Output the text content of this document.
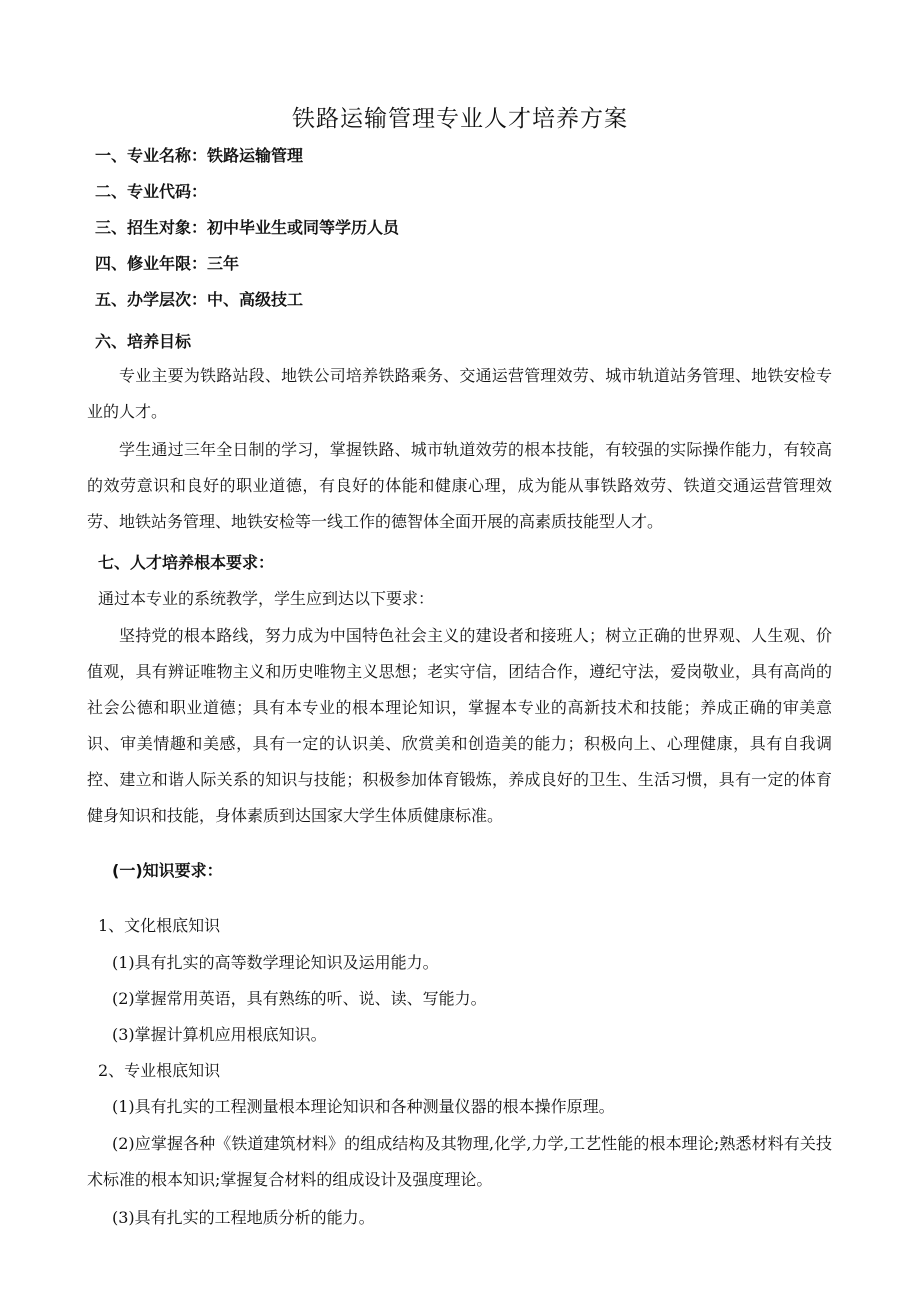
铁路运输管理专业人才培养方案

一、专业名称：铁路运输管理

二、专业代码：

三、招生对象：初中毕业生或同等学历人员

四、修业年限：三年

五、办学层次：中、高级技工

六、培养目标

专业主要为铁路站段、地铁公司培养铁路乘务、交通运营管理效劳、城市轨道站务管理、地铁安检专业的人才。

学生通过三年全日制的学习，掌握铁路、城市轨道效劳的根本技能，有较强的实际操作能力，有较高的效劳意识和良好的职业道德，有良好的体能和健康心理，成为能从事铁路效劳、铁道交通运营管理效劳、地铁站务管理、地铁安检等一线工作的德智体全面开展的高素质技能型人才。

七、人才培养根本要求：

通过本专业的系统教学，学生应到达以下要求：

坚持党的根本路线，努力成为中国特色社会主义的建设者和接班人；树立正确的世界观、人生观、价值观，具有辨证唯物主义和历史唯物主义思想；老实守信，团结合作，遵纪守法，爱岗敬业，具有高尚的社会公德和职业道德；具有本专业的根本理论知识，掌握本专业的高新技术和技能；养成正确的审美意识、审美情趣和美感，具有一定的认识美、欣赏美和创造美的能力；积极向上、心理健康，具有自我调控、建立和谐人际关系的知识与技能；积极参加体育锻炼，养成良好的卫生、生活习惯，具有一定的体育健身知识和技能，身体素质到达国家大学生体质健康标准。

(一)知识要求：

1、文化根底知识

(1)具有扎实的高等数学理论知识及运用能力。

(2)掌握常用英语，具有熟练的听、说、读、写能力。

(3)掌握计算机应用根底知识。

2、专业根底知识

(1)具有扎实的工程测量根本理论知识和各种测量仪器的根本操作原理。

(2)应掌握各种《铁道建筑材料》的组成结构及其物理,化学,力学,工艺性能的根本理论;熟悉材料有关技术标准的根本知识;掌握复合材料的组成设计及强度理论。

(3)具有扎实的工程地质分析的能力。
